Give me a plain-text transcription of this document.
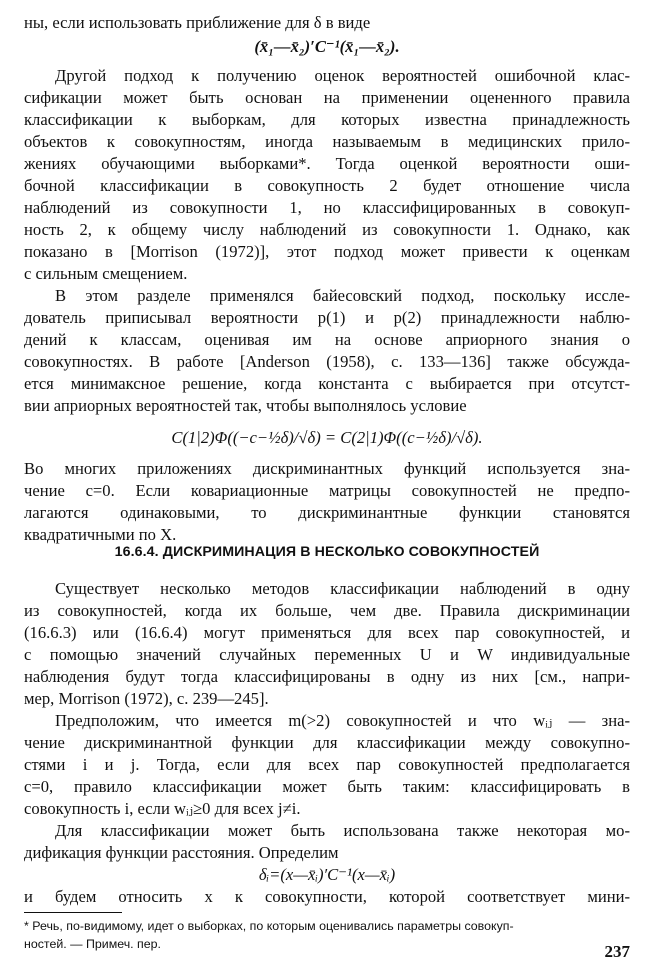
ны, если использовать приближение для δ в виде
(x̄₁—x̄₂)′C⁻¹(x̄₁—x̄₂).
Другой подход к получению оценок вероятностей ошибочной клас-
сификации может быть основан на применении оцененного правила
классификации к выборкам, для которых известна принадлежность
объектов к совокупностям, иногда называемым в медицинских прило-
жениях обучающими выборками*. Тогда оценкой вероятности оши-
бочной классификации в совокупность 2 будет отношение числа
наблюдений из совокупности 1, но классифицированных в совокуп-
ность 2, к общему числу наблюдений из совокупности 1. Однако, как
показано в [Morrison (1972)], этот подход может привести к оценкам
с сильным смещением.
В этом разделе применялся байесовский подход, поскольку иссле-
дователь приписывал вероятности p(1) и p(2) принадлежности наблю-
дений к классам, оценивая им на основе априорного знания о
совокупностях. В работе [Anderson (1958), с. 133—136] также обсужда-
ется минимаксное решение, когда константа c выбирается при отсутст-
вии априорных вероятностей так, чтобы выполнялось условие
C(1|2)Φ((−c−½δ)/√δ) = C(2|1)Φ((c−½δ)/√δ).
Во многих приложениях дискриминантных функций используется зна-
чение c=0. Если ковариационные матрицы совокупностей не предпо-
лагаются одинаковыми, то дискриминантные функции становятся
квадратичными по X.
16.6.4. ДИСКРИМИНАЦИЯ В НЕСКОЛЬКО СОВОКУПНОСТЕЙ
Существует несколько методов классификации наблюдений в одну
из совокупностей, когда их больше, чем две. Правила дискриминации
(16.6.3) или (16.6.4) могут применяться для всех пар совокупностей, и
с помощью значений случайных переменных U и W индивидуальные
наблюдения будут тогда классифицированы в одну из них [см., напри-
мер, Morrison (1972), с. 239—245].
Предположим, что имеется m(>2) совокупностей и что wᵢⱼ — зна-
чение дискриминантной функции для классификации между совокупно-
стями i и j. Тогда, если для всех пар совокупностей предполагается
c=0, правило классификации может быть таким: классифицировать в
совокупность i, если wᵢⱼ≥0 для всех j≠i.
Для классификации может быть использована также некоторая мо-
дификация функции расстояния. Определим
δᵢ=(x—x̄ᵢ)′C⁻¹(x—x̄ᵢ)
и будем относить x к совокупности, которой соответствует мини-
* Речь, по-видимому, идет о выборках, по которым оценивались параметры совокуп-
ностей. — Примеч. пер.	237
